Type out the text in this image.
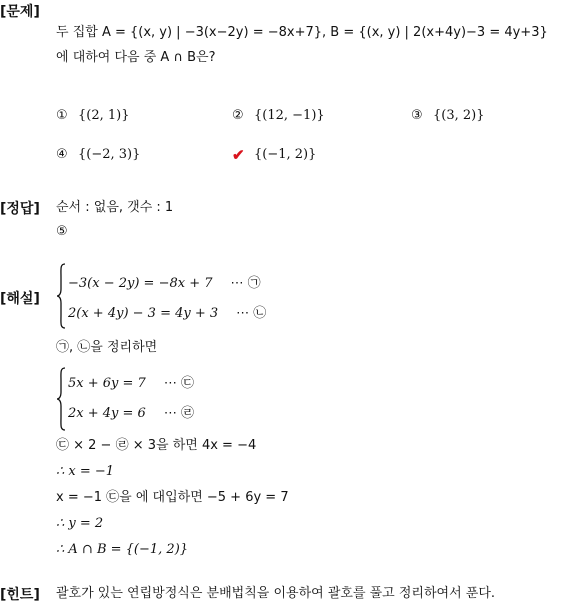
[문제]
두 집합 A = {(x, y) | −3(x−2y) = −8x+7}, B = {(x, y) | 2(x+4y)−3 = 4y+3}
에 대하여 다음 중 A ∩ B은?
① {(2, 1)}	② {(12, −1)}	③ {(3, 2)}
④ {(−2, 3)}	✔ {(−1, 2)}
[정답] 순서 : 없음, 갯수 : 1
⑤
[해설]
−3(x − 2y) = −8x + 7 ⋯ ㉠
2(x + 4y) − 3 = 4y + 3 ⋯ ㉡
㉠, ㉡을 정리하면
5x + 6y = 7 ⋯ ㉢
2x + 4y = 6 ⋯ ㉣
㉢ × 2 − ㉣ × 3을 하면 4x = −4
∴ x = −1
x = −1 ㉢을 에 대입하면 −5 + 6y = 7
∴ y = 2
∴ A ∩ B = {(−1, 2)}
[힌트] 괄호가 있는 연립방정식은 분배법칙을 이용하여 괄호를 풀고 정리하여서 푼다.
